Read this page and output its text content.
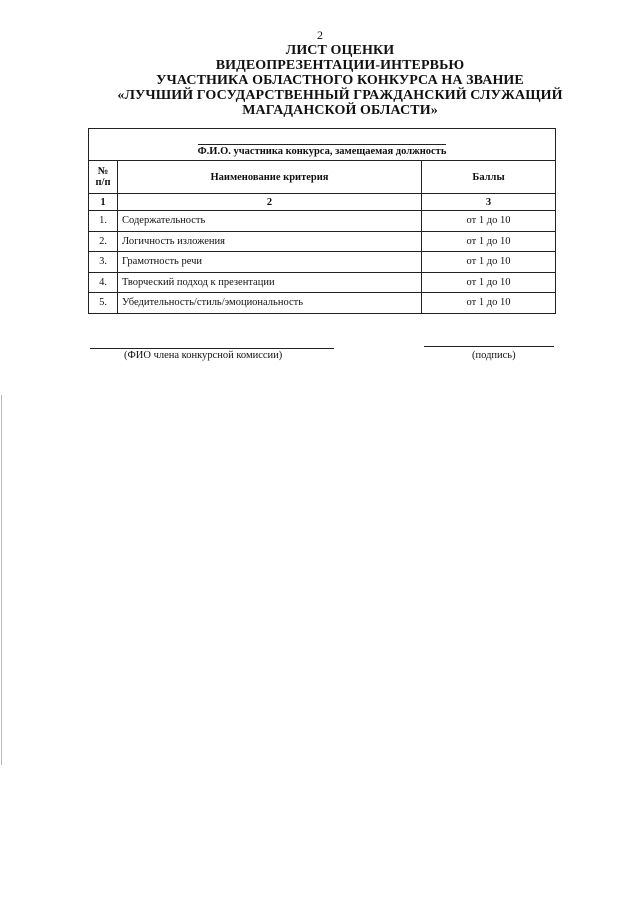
2
ЛИСТ ОЦЕНКИ
ВИДЕОПРЕЗЕНТАЦИИ-ИНТЕРВЬЮ
УЧАСТНИКА ОБЛАСТНОГО КОНКУРСА НА ЗВАНИЕ
«ЛУЧШИЙ ГОСУДАРСТВЕННЫЙ ГРАЖДАНСКИЙ СЛУЖАЩИЙ
МАГАДАНСКОЙ ОБЛАСТИ»
Ф.И.О. участника конкурса, замещаемая должность		
№ п/п	Наименование критерия	Баллы
1	2	3
1.	Содержательность	от 1 до 10
2.	Логичность изложения	от 1 до 10
3.	Грамотность речи	от 1 до 10
4.	Творческий подход к презентации	от 1 до 10
5.	Убедительность/стиль/эмоциональность	от 1 до 10
(ФИО члена конкурсной комиссии)	(подпись)
